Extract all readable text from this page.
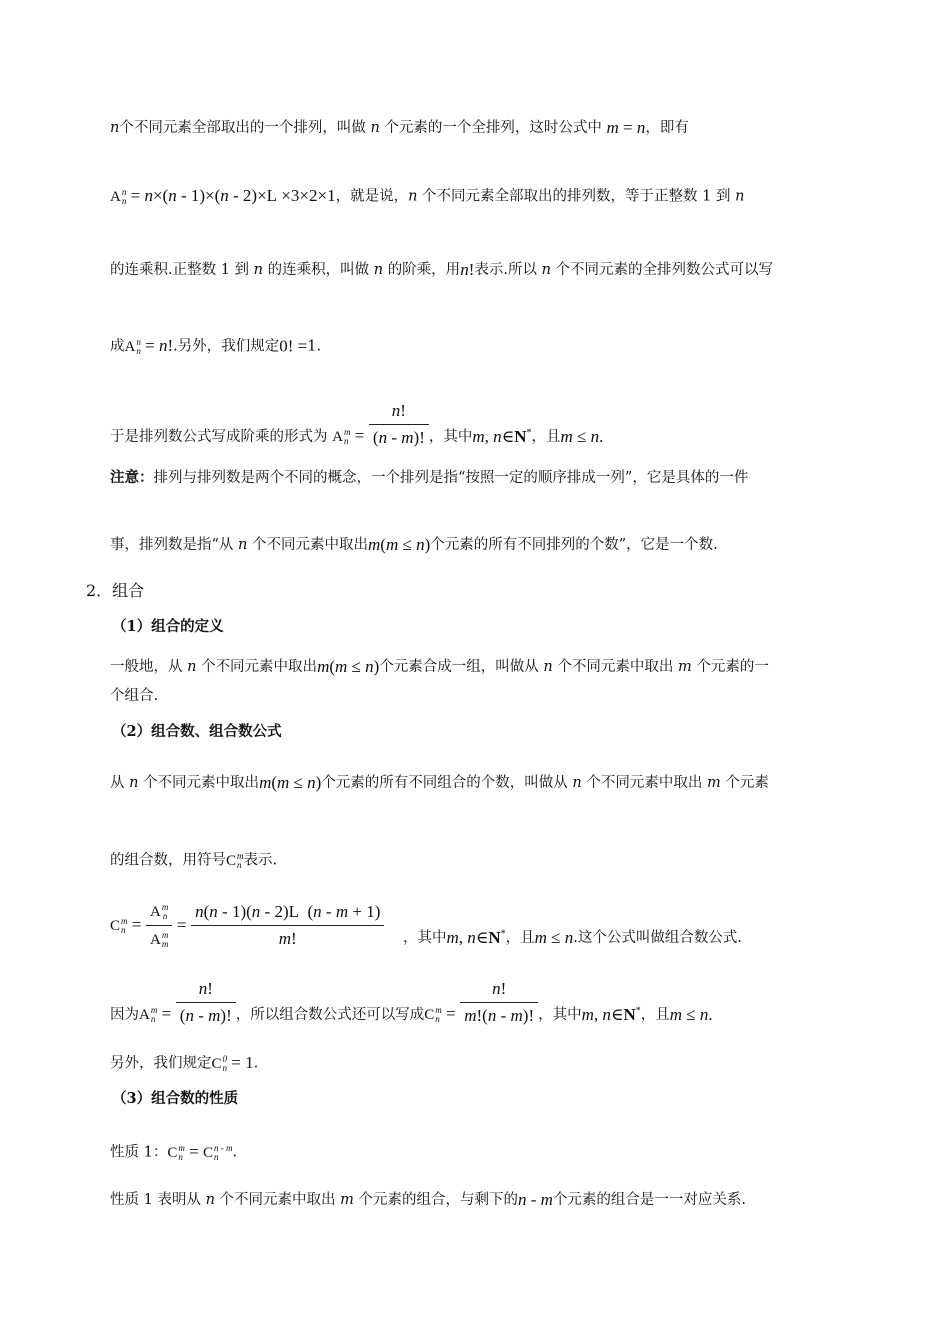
n个不同元素全部取出的一个排列，叫做 n 个元素的一个全排列，这时公式中 m = n，即有
A n
n = n×(n - 1)×(n - 2)×L ×3×2×1，就是说，n 个不同元素全部取出的排列数，等于正整数 1 到 n
的连乘积.正整数 1 到 n 的连乘积，叫做 n 的阶乘，用n!表示.所以 n 个不同元素的全排列数公式可以写
成A n
n = n!.另外，我们规定0! =1.
于是排列数公式写成阶乘的形式为 A m
$n = \frac{n!}{(n - m)!}$ ，其中m, n∈N*，且m ≤ n.
注意：排列与排列数是两个不同的概念，一个排列是指“按照一定的顺序排成一列”，它是具体的一件
事，排列数是指“从 n 个不同元素中取出m(m ≤ n)个元素的所有不同排列的个数”，它是一个数.
2．组合
（1）组合的定义
一般地，从 n 个不同元素中取出m(m ≤ n)个元素合成一组，叫做从 n 个不同元素中取出 m 个元素的一
个组合.
（2）组合数、组合数公式
从 n 个不同元素中取出m(m ≤ n)个元素的所有不同组合的个数，叫做从 n 个不同元素中取出 m 个元素
的组合数，用符号C m
n 表示.
C m
n = A m
n
A m
$m = \frac{n(n - 1)(n - 2)L (n - m + 1)}{m!}$ ，其中m, n∈N*，且m ≤ n.这个公式叫做组合数公式.
因为A m
$n = \frac{n!}{(n - m)!}$ ，所以组合数公式还可以写成C m
$n = \frac{n!}{m!(n - m)!}$ ，其中m, n∈N*，且m ≤ n.
另外，我们规定C 0
n = 1.
（3）组合数的性质
性质 1：C m
n = C n - m
n .
性质 1 表明从 n 个不同元素中取出 m 个元素的组合，与剩下的n - m个元素的组合是一一对应关系.
